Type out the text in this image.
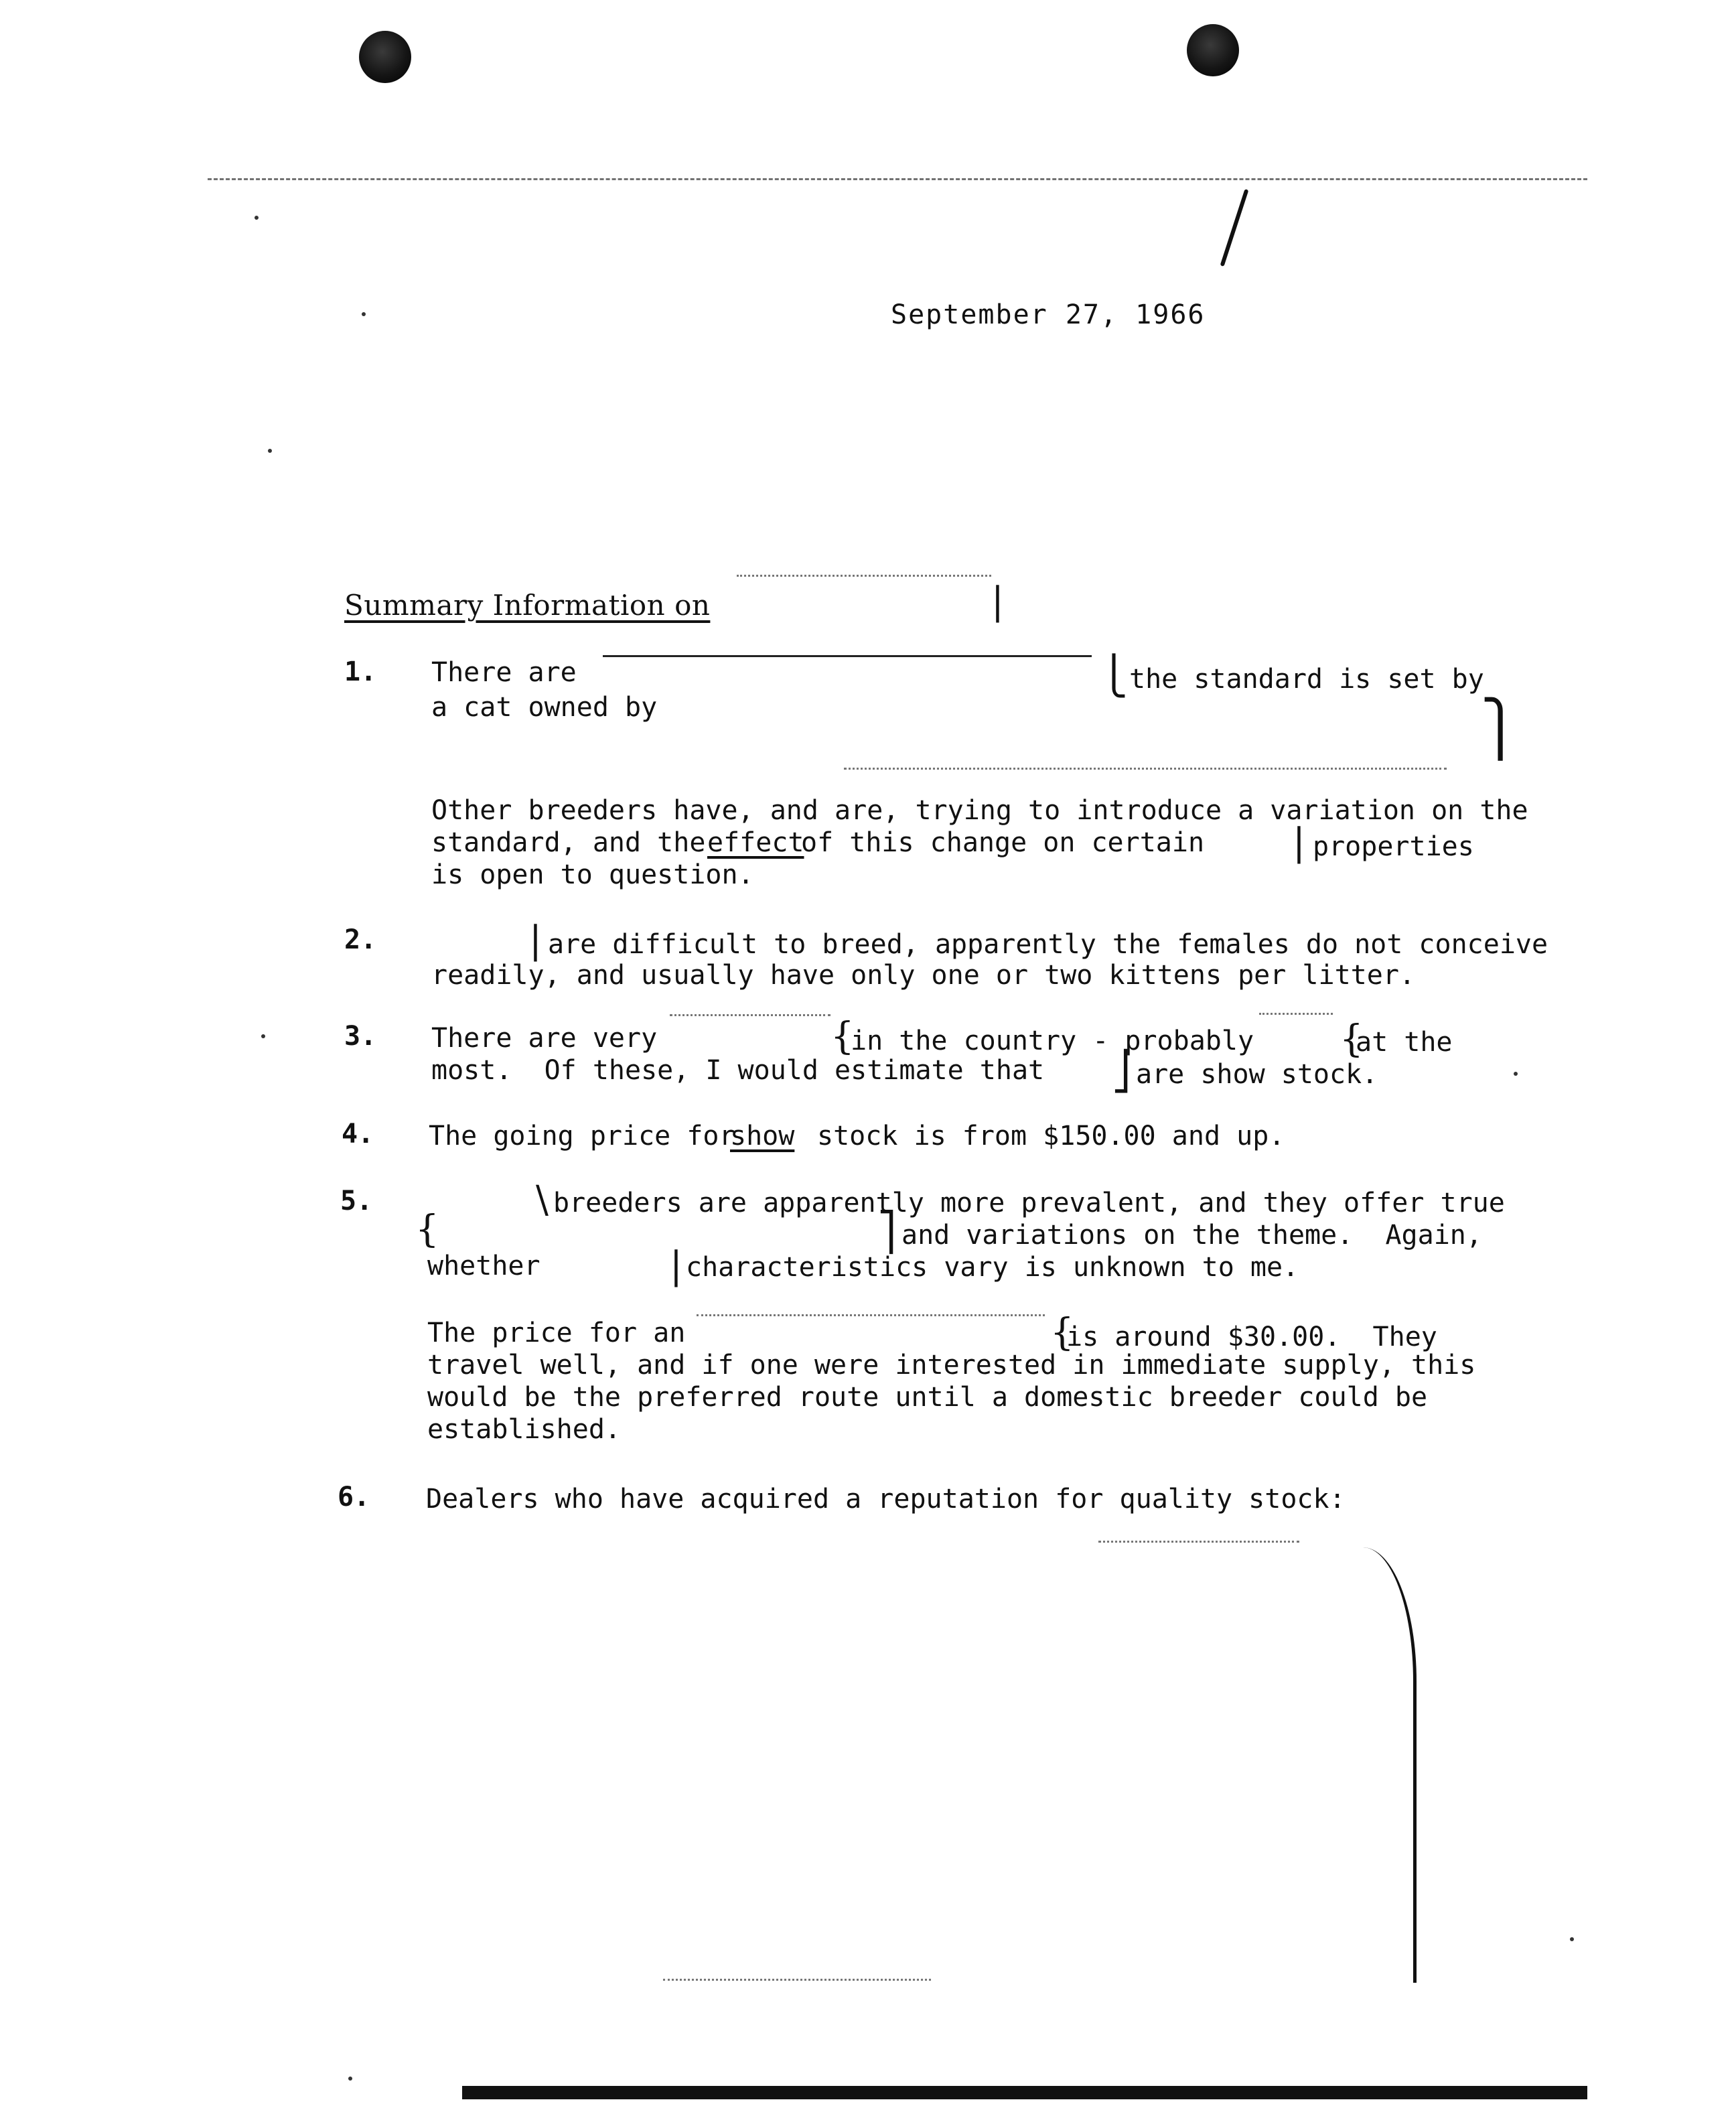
September 27, 1966
Summary Information on	|
1. There are	⎩ the standard is set by
a cat owned by	⎫
Other breeders have, and are, trying to introduce a variation on the
standard, and the effect
of this change on certain | properties
is open to question.
2.	| are difficult to breed, apparently the females do not conceive
readily, and usually have only one or two kittens per litter.
3. There are very	{
in the country - probably {
at the
most.  Of these, I would estimate that ⎦ are show stock.
4. The going price for
show stock is from $150.00 and up.
5.	\ breeders are apparently more prevalent, and they offer true
{	⎤ and variations on the theme.  Again,
whether	| characteristics vary is unknown to me.
The price for an	{
is around $30.00.  They
travel well, and if one were interested in immediate supply, this
would be the preferred route until a domestic breeder could be
established.
6. Dealers who have acquired a reputation for quality stock:
